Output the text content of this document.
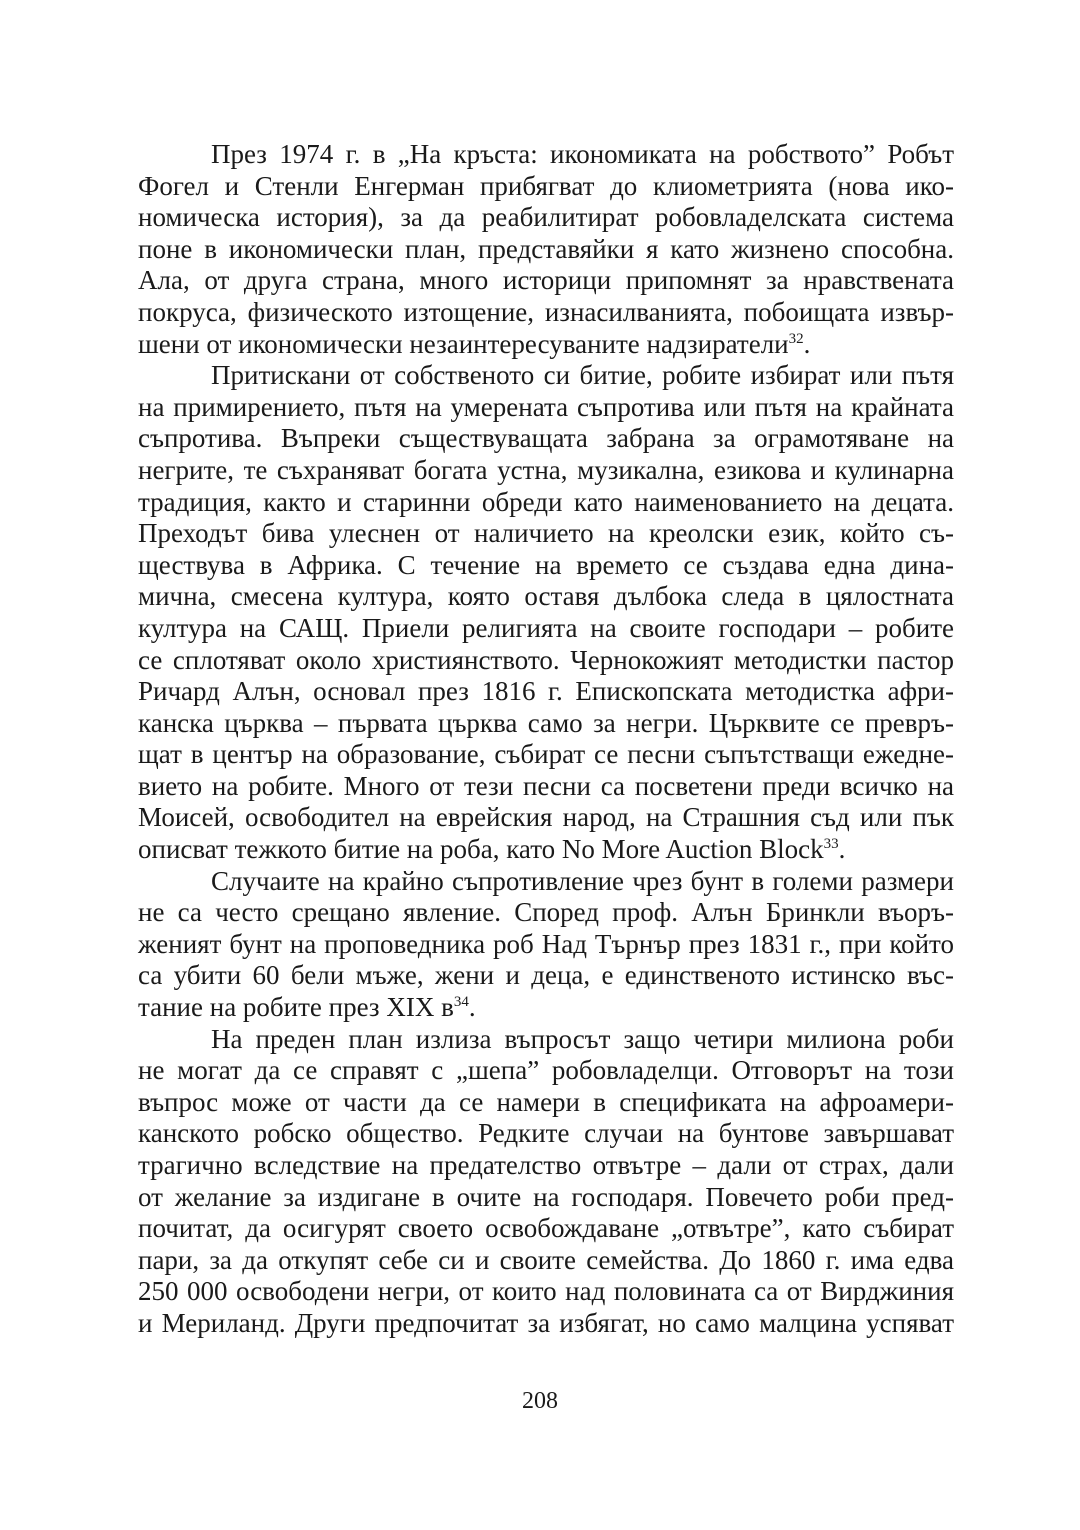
През 1974 г. в „На кръста: икономиката на робството” Робът
Фогел и Стенли Енгерман прибягват до клиометрията (нова ико-
номическа история), за да реабилитират робовладелската система
поне в икономически план, представяйки я като жизнено способна.
Ала, от друга страна, много историци припомнят за нравствената
покруса, физическото изтощение, изнасилванията, побоищата извър-
шени от икономически незаинтересуваните надзиратели$^{32}$.

Притискани от собственото си битие, робите избират или пътя
на примирението, пътя на умерената съпротива или пътя на крайната
съпротива. Въпреки съществуващата забрана за ограмотяване на
негрите, те съхраняват богата устна, музикална, езикова и кулинарна
традиция, както и старинни обреди като наименованието на децата.
Преходът бива улеснен от наличието на креолски език, който съ-
ществува в Африка. С течение на времето се създава една дина-
мична, смесена култура, която оставя дълбока следа в цялостната
култура на САЩ. Приели религията на своите господари – робите
се сплотяват около християнството. Чернокожият методистки пастор
Ричард Алън, основал през 1816 г. Епископската методистка афри-
канска църква – първата църква само за негри. Църквите се превръ-
щат в център на образование, събират се песни съпътстващи ежедне-
вието на робите. Много от тези песни са посветени преди всичко на
Моисей, освободител на еврейския народ, на Страшния съд или пък
описват тежкото битие на роба, като No More Auction Block$^{33}$.

Случаите на крайно съпротивление чрез бунт в големи размери
не са често срещано явление. Според проф. Алън Бринкли въоръ-
женият бунт на проповедника роб Над Търнър през 1831 г., при който
са убити 60 бели мъже, жени и деца, е единственото истинско въс-
тание на робите през XIX $в^{34}$.

На преден план излиза въпросът защо четири милиона роби
не могат да се справят с „шепа” робовладелци. Отговорът на този
въпрос може от части да се намери в спецификата на афроамери-
канското робско общество. Редките случаи на бунтове завършават
трагично вследствие на предателство отвътре – дали от страх, дали
от желание за издигане в очите на господаря. Повечето роби пред-
почитат, да осигурят своето освобождаване „отвътре”, като събират
пари, за да откупят себе си и своите семейства. До 1860 г. има едва
250 000 освободени негри, от които над половината са от Вирджиния
и Мериланд. Други предпочитат за избягат, но само малцина успяват

208
